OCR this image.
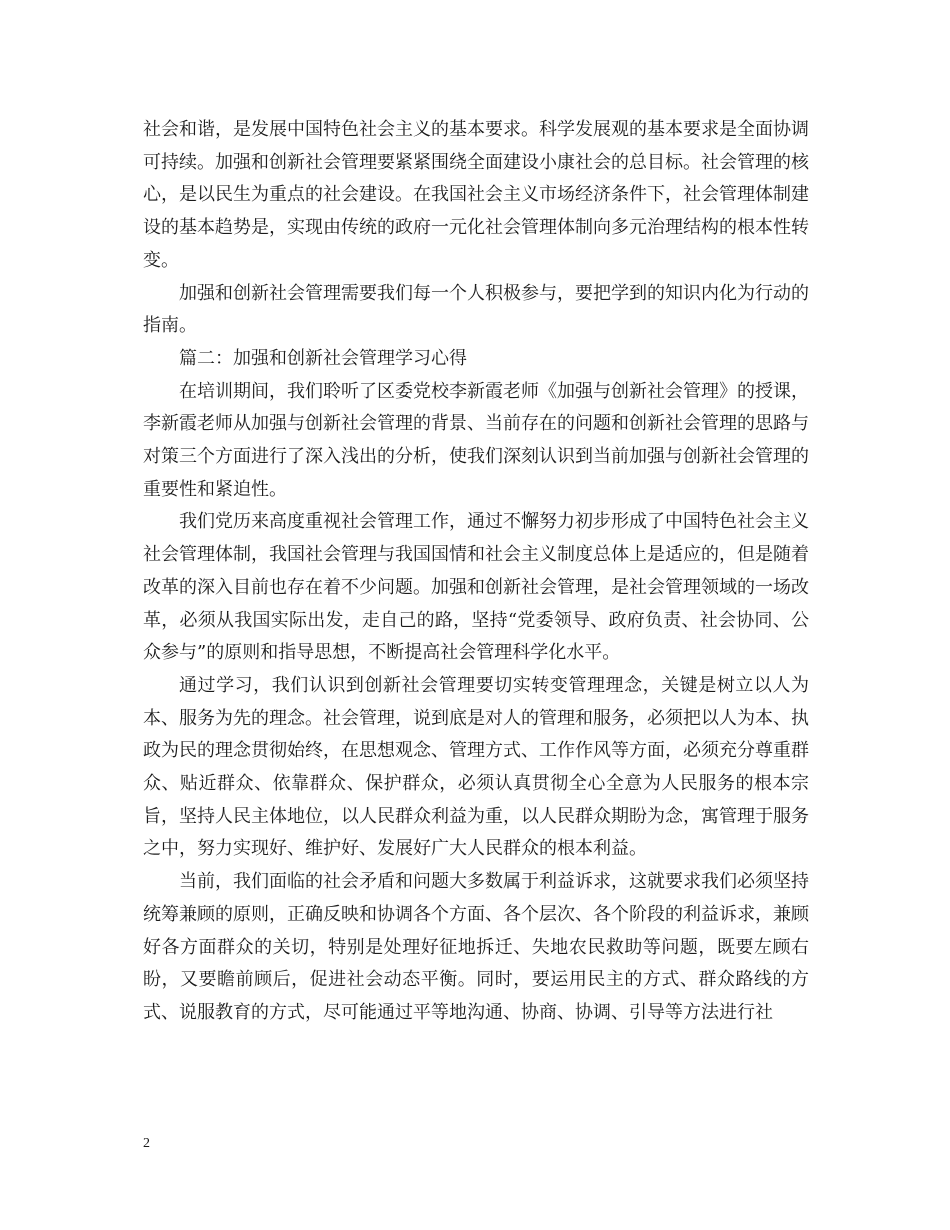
社会和谐，是发展中国特色社会主义的基本要求。科学发展观的基本要求是全面协调可持续。加强和创新社会管理要紧紧围绕全面建设小康社会的总目标。社会管理的核心，是以民生为重点的社会建设。在我国社会主义市场经济条件下，社会管理体制建设的基本趋势是，实现由传统的政府一元化社会管理体制向多元治理结构的根本性转变。

加强和创新社会管理需要我们每一个人积极参与，要把学到的知识内化为行动的指南。

篇二：加强和创新社会管理学习心得

在培训期间，我们聆听了区委党校李新霞老师《加强与创新社会管理》的授课，李新霞老师从加强与创新社会管理的背景、当前存在的问题和创新社会管理的思路与对策三个方面进行了深入浅出的分析，使我们深刻认识到当前加强与创新社会管理的重要性和紧迫性。

我们党历来高度重视社会管理工作，通过不懈努力初步形成了中国特色社会主义社会管理体制，我国社会管理与我国国情和社会主义制度总体上是适应的，但是随着改革的深入目前也存在着不少问题。加强和创新社会管理，是社会管理领域的一场改革，必须从我国实际出发，走自己的路，坚持“党委领导、政府负责、社会协同、公众参与”的原则和指导思想，不断提高社会管理科学化水平。

通过学习，我们认识到创新社会管理要切实转变管理理念，关键是树立以人为本、服务为先的理念。社会管理，说到底是对人的管理和服务，必须把以人为本、执政为民的理念贯彻始终，在思想观念、管理方式、工作作风等方面，必须充分尊重群众、贴近群众、依靠群众、保护群众，必须认真贯彻全心全意为人民服务的根本宗旨，坚持人民主体地位，以人民群众利益为重，以人民群众期盼为念，寓管理于服务之中，努力实现好、维护好、发展好广大人民群众的根本利益。

当前，我们面临的社会矛盾和问题大多数属于利益诉求，这就要求我们必须坚持统筹兼顾的原则，正确反映和协调各个方面、各个层次、各个阶段的利益诉求，兼顾好各方面群众的关切，特别是处理好征地拆迁、失地农民救助等问题，既要左顾右盼，又要瞻前顾后，促进社会动态平衡。同时，要运用民主的方式、群众路线的方式、说服教育的方式，尽可能通过平等地沟通、协商、协调、引导等方法进行社

2
